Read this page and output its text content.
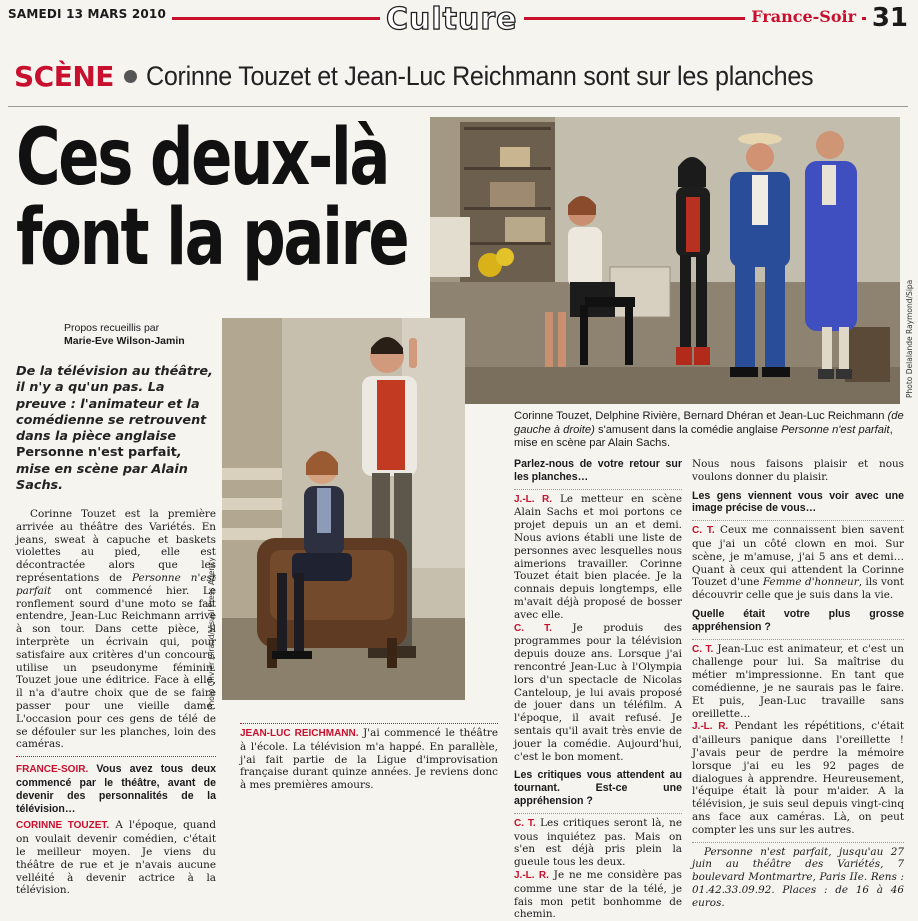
SAMEDI 13 MARS 2010	Culture	France-Soir 31
SCÈNE Corinne Touzet et Jean-Luc Reichmann sont sur les planches
Ces deux-là
font la paire
Photo Delalande Raymond/Sipa
Photo Olivier Giraud/Visual Press Agency
Corinne Touzet, Delphine Rivière, Bernard Dhéran et Jean-Luc Reichmann (de gauche à droite) s'amusent dans la comédie anglaise Personne n'est parfait, mise en scène par Alain Sachs.
Propos recueillis par
Marie-Eve Wilson-Jamin
De la télévision au théâtre, il n'y a qu'un pas. La preuve : l'animateur et la comédienne se retrouvent dans la pièce anglaise Personne n'est parfait, mise en scène par Alain Sachs.

Corinne Touzet est la première arrivée au théâtre des Variétés. En jeans, sweat à capuche et baskets violettes au pied, elle est décontractée alors que les représentations de Personne n'est parfait ont commencé hier. Le ronflement sourd d'une moto se fait entendre, Jean-Luc Reichmann arrive à son tour. Dans cette pièce, il interprète un écrivain qui, pour satisfaire aux critères d'un concours, utilise un pseudonyme féminin. Touzet joue une éditrice. Face à elle, il n'a d'autre choix que de se faire passer pour une vieille dame. L'occasion pour ces gens de télé de se défouler sur les planches, loin des caméras.

FRANCE-SOIR. Vous avez tous deux commencé par le théâtre, avant de devenir des personnalités de la télévision…

CORINNE TOUZET. A l'époque, quand on voulait devenir comédien, c'était le meilleur moyen. Je viens du théâtre de rue et je n'avais aucune velléité à devenir actrice à la télévision.

JEAN-LUC REICHMANN. J'ai commencé le théâtre à l'école. La télévision m'a happé. En parallèle, j'ai fait partie de la Ligue d'improvisation française durant quinze années. Je reviens donc à mes premières amours.

Parlez-nous de votre retour sur les planches…

J.-L. R. Le metteur en scène Alain Sachs et moi portons ce projet depuis un an et demi. Nous avions établi une liste de personnes avec lesquelles nous aimerions travailler. Corinne Touzet était bien placée. Je la connais depuis longtemps, elle m'avait déjà proposé de bosser avec elle.

C. T. Je produis des programmes pour la télévision depuis douze ans. Lorsque j'ai rencontré Jean-Luc à l'Olympia lors d'un spectacle de Nicolas Canteloup, je lui avais proposé de jouer dans un téléfilm. A l'époque, il avait refusé. Je sentais qu'il avait très envie de jouer la comédie. Aujourd'hui, c'est le bon moment.

Les critiques vous attendent au tournant. Est-ce une appréhension ?

C. T. Les critiques seront là, ne vous inquiétez pas. Mais on s'en est déjà pris plein la gueule tous les deux.

J.-L. R. Je ne me considère pas comme une star de la télé, je fais mon petit bonhomme de chemin.

Nous nous faisons plaisir et nous voulons donner du plaisir.

Les gens viennent vous voir avec une image précise de vous…

C. T. Ceux me connaissent bien savent que j'ai un côté clown en moi. Sur scène, je m'amuse, j'ai 5 ans et demi… Quant à ceux qui attendent la Corinne Touzet d'une Femme d'honneur, ils vont découvrir celle que je suis dans la vie.

Quelle était votre plus grosse appréhension ?

C. T. Jean-Luc est animateur, et c'est un challenge pour lui. Sa maîtrise du métier m'impressionne. En tant que comédienne, je ne saurais pas le faire. Et puis, Jean-Luc travaille sans oreillette…

J.-L. R. Pendant les répétitions, c'était d'ailleurs panique dans l'oreillette ! J'avais peur de perdre la mémoire lorsque j'ai eu les 92 pages de dialogues à apprendre. Heureusement, l'équipe était là pour m'aider. A la télévision, je suis seul depuis vingt-cinq ans face aux caméras. Là, on peut compter les uns sur les autres.

Personne n'est parfait, jusqu'au 27 juin au théâtre des Variétés, 7 boulevard Montmartre, Paris IIe. Rens : 01.42.33.09.92. Places : de 16 à 46 euros.
